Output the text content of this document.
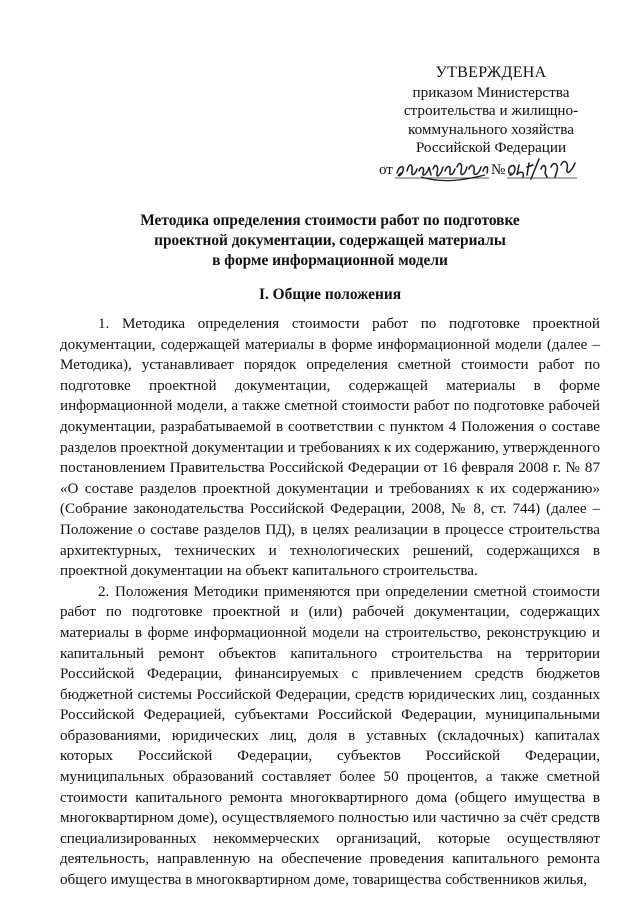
УТВЕРЖДЕНА
приказом Министерства
строительства и жилищно-
коммунального хозяйства
Российской Федерации
от	№
Методика определения стоимости работ по подготовке
проектной документации, содержащей материалы
в форме информационной модели
I. Общие положения

1. Методика определения стоимости работ по подготовке проектной документации, содержащей материалы в форме информационной модели (далее – Методика), устанавливает порядок определения сметной стоимости работ по подготовке проектной документации, содержащей материалы в форме информационной модели, а также сметной стоимости работ по подготовке рабочей документации, разрабатываемой в соответствии с пунктом 4 Положения о составе разделов проектной документации и требованиях к их содержанию, утвержденного постановлением Правительства Российской Федерации от 16 февраля 2008 г. № 87 «О составе разделов проектной документации и требованиях к их содержанию» (Собрание законодательства Российской Федерации, 2008, № 8, ст. 744) (далее – Положение о составе разделов ПД), в целях реализации в процессе строительства архитектурных, технических и технологических решений, содержащихся в проектной документации на объект капитального строительства.

2. Положения Методики применяются при определении сметной стоимости работ по подготовке проектной и (или) рабочей документации, содержащих материалы в форме информационной модели на строительство, реконструкцию и капитальный ремонт объектов капитального строительства на территории Российской Федерации, финансируемых с привлечением средств бюджетов бюджетной системы Российской Федерации, средств юридических лиц, созданных Российской Федерацией, субъектами Российской Федерации, муниципальными образованиями, юридических лиц, доля в уставных (складочных) капиталах которых Российской Федерации, субъектов Российской Федерации, муниципальных образований составляет более 50 процентов, а также сметной стоимости капитального ремонта многоквартирного дома (общего имущества в многоквартирном доме), осуществляемого полностью или частично за счёт средств специализированных некоммерческих организаций, которые осуществляют деятельность, направленную на обеспечение проведения капитального ремонта общего имущества в многоквартирном доме, товарищества собственников жилья,
